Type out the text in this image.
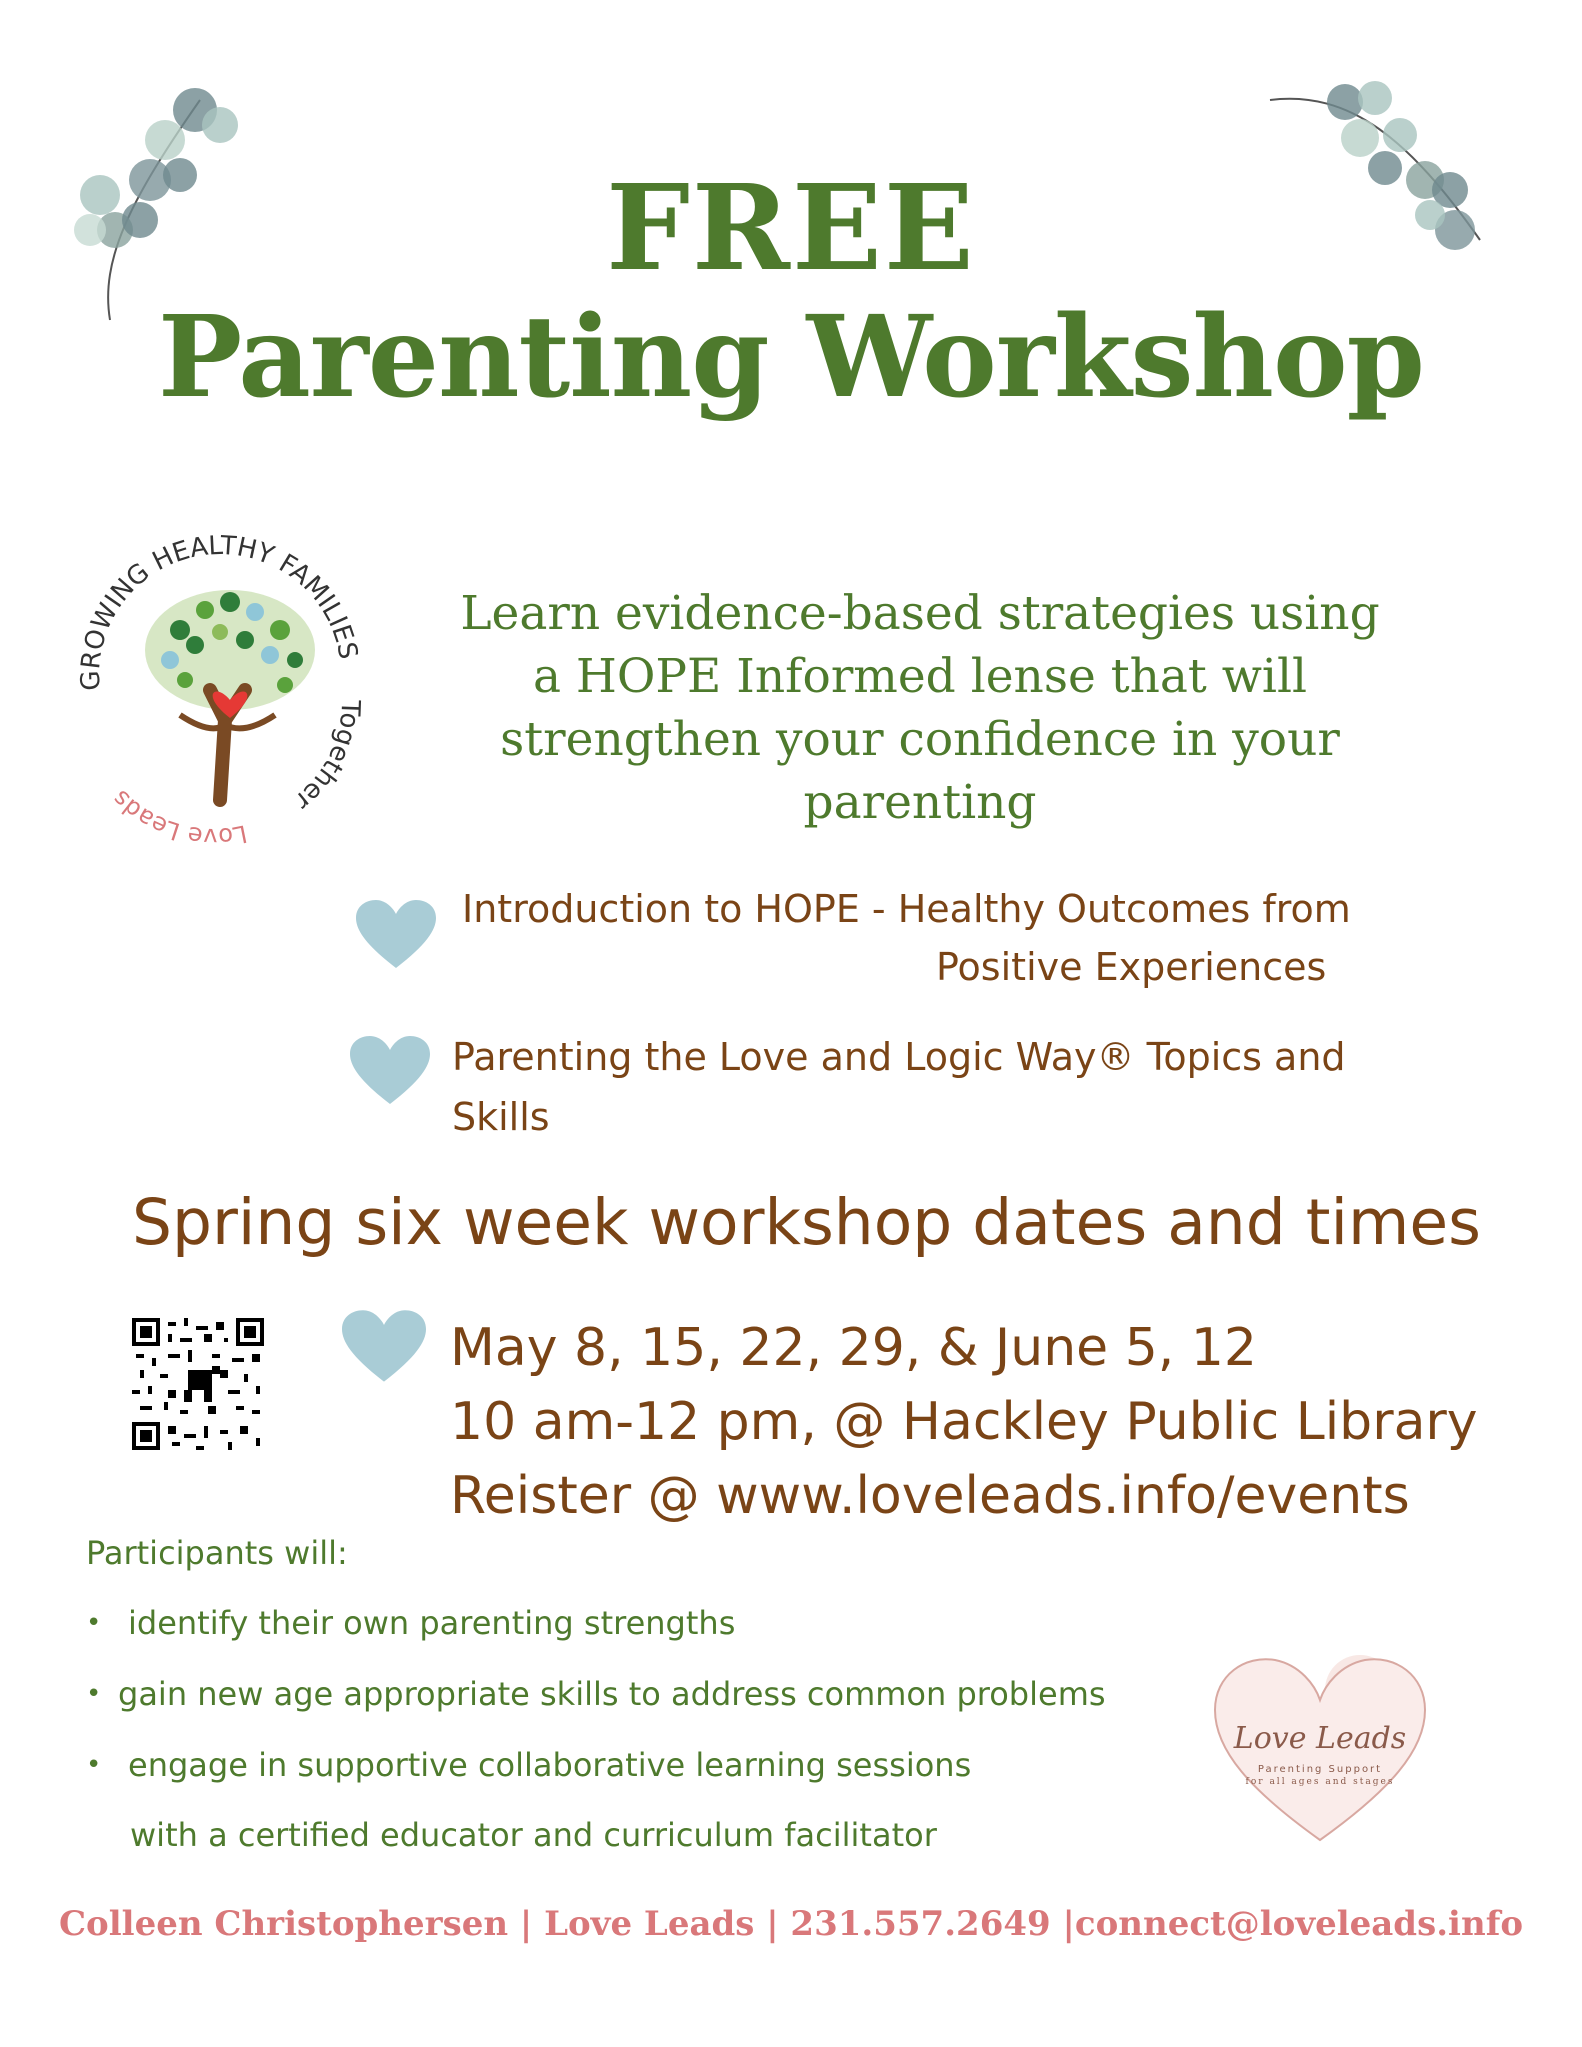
FREE
Parenting Workshop
GROWING HEALTHY FAMILIES
Together
Love Leads
Learn evidence-based strategies using
a HOPE Informed lense that will
strengthen your confidence in your
parenting
Introduction to HOPE - Healthy Outcomes from
Positive Experiences
Parenting the Love and Logic Way® Topics and
Skills
Spring six week workshop dates and times
May 8, 15, 22, 29, & June 5, 12
10 am-12 pm, @ Hackley Public Library
Reister @ www.loveleads.info/events
Participants will:
• identify their own parenting strengths
• gain new age appropriate skills to address common problems
• engage in supportive collaborative learning sessions
with a certified educator and curriculum facilitator
Love Leads
Parenting Support
for all ages and stages
Colleen Christophersen | Love Leads | 231.557.2649 |connect@loveleads.info
